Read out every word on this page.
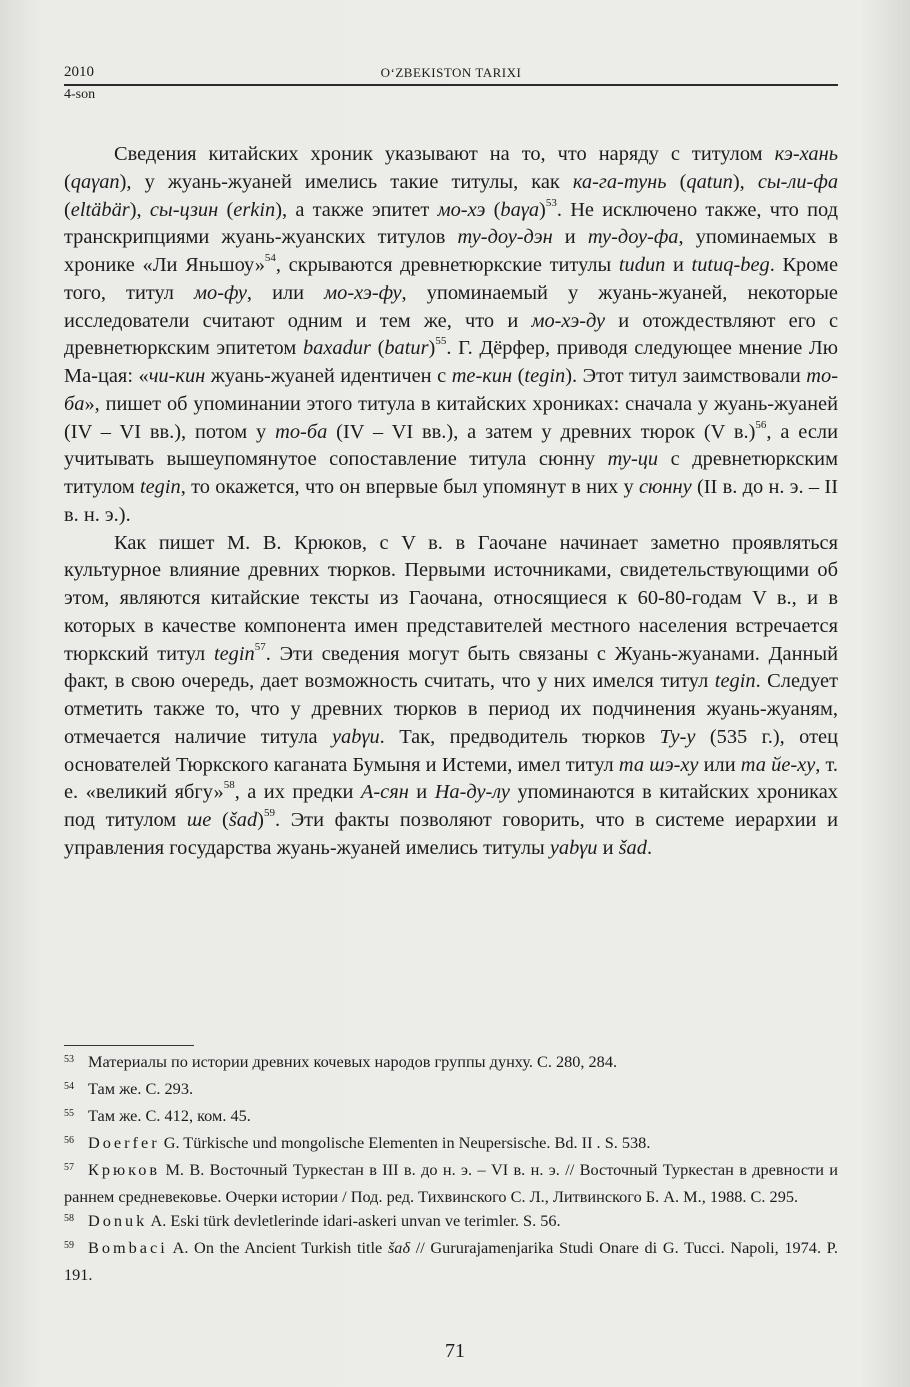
2010	O‘ZBEKISTON TARIXI
4-son

Сведения китайских хроник указывают на то, что наряду с титулом кэ-хань (qaγan), у жуань-жуаней имелись такие титулы, как ка-га-тунь (qatun), сы-ли-фа (eltäbär), сы-цзин (erkin), а также эпитет мо-хэ $(ba\gamma a)^{53}$. Не исключено также, что под транскрипциями жуань-жуанских титулов ту-доу-дэн и ту-доу-фа, упоминаемых в хронике «Ли Яньшоу»$^{54}$, скрываются древнетюркские титулы tudun и tutuq-beg. Кроме того, титул мо-фу, или мо-хэ-фу, упоминаемый у жуань-жуаней, некоторые исследователи считают одним и тем же, что и мо-хэ-ду и отождествляют его с древнетюркским эпитетом baxadur (batur)$^{55}$. Г. Дёрфер, приводя следующее мнение Лю Ма-цая: «чи-кин жуань-жуаней идентичен с те-кин (tegin). Этот титул заимствовали то-ба», пишет об упоминании этого титула в китайских хрониках: сначала у жуань-жуаней (IV – VI вв.), потом у то-ба (IV – VI вв.), а затем у древних тюрок (V в.)$^{56}$, а если учитывать вышеупомянутое сопоставление титула сюнну ту-ци с древнетюркским титулом tegin, то окажется, что он впервые был упомянут в них у сюнну (II в. до н. э. – II в. н. э.).

Как пишет М. В. Крюков, с V в. в Гаочане начинает заметно проявляться культурное влияние древних тюрков. Первыми источниками, свидетельствующими об этом, являются китайские тексты из Гаочана, относящиеся к 60-80-годам V в., и в которых в качестве компонента имен представителей местного населения встречается тюркский титул tegin$^{57}$. Эти сведения могут быть связаны с Жуань-жуанами. Данный факт, в свою очередь, дает возможность считать, что у них имелся титул tegin. Следует отметить также то, что у древних тюрков в период их подчинения жуань-жуаням, отмечается наличие титула yabγu. Так, предводитель тюрков Ту-у (535 г.), отец основателей Тюркского каганата Бумыня и Истеми, имел титул та шэ-ху или та йе-ху, т. е. «великий ябгу»$^{58}$, а их предки А-сян и На-ду-лу упоминаются в китайских хрониках под титулом ше (šad)$^{59}$. Эти факты позволяют говорить, что в системе иерархии и управления государства жуань-жуаней имелись титулы yabγu и šad.

53 Материалы по истории древних кочевых народов группы дунху. С. 280, 284.

54 Там же. С. 293.

55 Там же. С. 412, ком. 45.

56 Doerfer G. Türkische und mongolische Elementen in Neupersische. Bd. II . S. 538.

57 Крюков М. В. Восточный Туркестан в III в. до н. э. – VI в. н. э. // Восточный Туркестан в древности и раннем средневековье. Очерки истории / Под. ред. Тихвинского С. Л., Литвинского Б. А. М., 1988. С. 295.

58 Donuk A. Eski türk devletlerinde idari-askeri unvan ve terimler. S. 56.

59 Bombaci A. On the Ancient Turkish title šaδ // Gururajamenjarika Studi Onare di G. Tucci. Napoli, 1974. P. 191.

71
